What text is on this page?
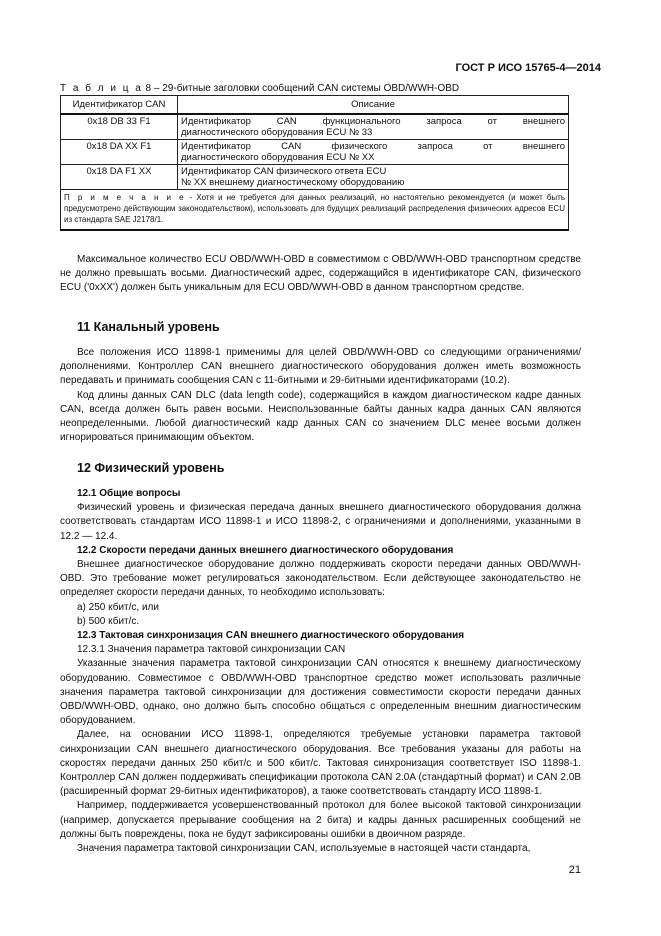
ГОСТ Р ИСО 15765-4—2014
Т а б л и ц а 8 – 29-битные заголовки сообщений CAN системы OBD/WWH-OBD
Идентификатор CAN	Описание
0x18 DB 33 F1	Идентификатор CAN функционального запроса от внешнего
диагностического оборудования ECU № 33

0x18 DA XX F1	Идентификатор CAN физического запроса от внешнего
диагностического оборудования ECU № XX

0x18 DA F1 XX	Идентификатор CAN физического ответа ECU
№ XX внешнему диагностическому оборудованию

П р и м е ч а н и е - Хотя и не требуется для данных реализаций, но настоятельно рекомендуется (и может быть предусмотрено действующим законодательством), использовать для будущих реализаций распределения физических адресов ECU из стандарта SAE J2178/1.	

Максимальное количество ECU OBD/WWH-OBD в совместимом с OBD/WWH-OBD транспортном средстве не должно превышать восьми. Диагностический адрес, содержащийся в идентификаторе CAN, физического ECU ('0xXX') должен быть уникальным для ECU OBD/WWH-OBD в данном транспортном средстве.

11 Канальный уровень

Все положения ИСО 11898-1 применимы для целей OBD/WWH-OBD со следующими ограничениями/дополнениями. Контроллер CAN внешнего диагностического оборудования должен иметь возможность передавать и принимать сообщения CAN с 11-битными и 29-битными идентификаторами (10.2).

Код длины данных CAN DLC (data length code), содержащийся в каждом диагностическом кадре данных CAN, всегда должен быть равен восьми. Неиспользованные байты данных кадра данных CAN являются неопределенными. Любой диагностический кадр данных CAN со значением DLC менее восьми должен игнорироваться принимающим объектом.

12 Физический уровень

12.1 Общие вопросы

Физический уровень и физическая передача данных внешнего диагностического оборудования должна соответствовать стандартам ИСО 11898-1 и ИСО 11898-2, с ограничениями и дополнениями, указанными в 12.2 — 12.4.

12.2 Скорости передачи данных внешнего диагностического оборудования

Внешнее диагностическое оборудование должно поддерживать скорости передачи данных OBD/WWH-OBD. Это требование может регулироваться законодательством. Если действующее законодательство не определяет скорости передачи данных, то необходимо использовать:

a) 250 кбит/с, или

b) 500 кбит/с.

12.3 Тактовая синхронизация CAN внешнего диагностического оборудования

12.3.1 Значения параметра тактовой синхронизации CAN

Указанные значения параметра тактовой синхронизации CAN относятся к внешнему диагностическому оборудованию. Совместимое с OBD/WWH-OBD транспортное средство может использовать различные значения параметра тактовой синхронизации для достижения совместимости скорости передачи данных OBD/WWH-OBD, однако, оно должно быть способно общаться с определенным внешним диагностическим оборудованием.

Далее, на основании ИСО 11898-1, определяются требуемые установки параметра тактовой синхронизации CAN внешнего диагностического оборудования. Все требования указаны для работы на скоростях передачи данных 250 кбит/с и 500 кбит/с. Тактовая синхронизация соответствует ISO 11898-1. Контроллер CAN должен поддерживать спецификации протокола CAN 2.0A (стандартный формат) и CAN 2.0B (расширенный формат 29-битных идентификаторов), а также соответствовать стандарту ИСО 11898-1.

Например, поддерживается усовершенствованный протокол для более высокой тактовой синхронизации (например, допускается прерывание сообщения на 2 бита) и кадры данных расширенных сообщений не должны быть повреждены, пока не будут зафиксированы ошибки в двоичном разряде.

Значения параметра тактовой синхронизации CAN, используемые в настоящей части стандарта,

21
